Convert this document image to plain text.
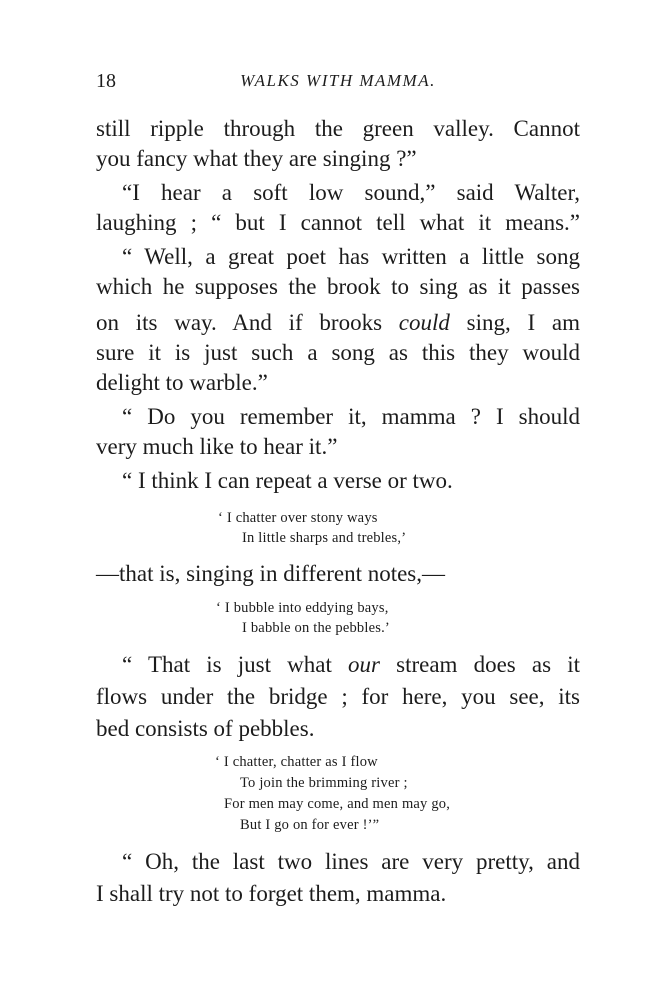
18	WALKS WITH MAMMA.
still ripple through the green valley. Cannot
you fancy what they are singing ?”
“I hear a soft low sound,” said Walter,
laughing ; “ but I cannot tell what it means.”
“ Well, a great poet has written a little song
which he supposes the brook to sing as it passes
on its way. And if brooks could sing, I am
sure it is just such a song as this they would
delight to warble.”
“ Do you remember it, mamma ? I should
very much like to hear it.”
“ I think I can repeat a verse or two.
‘ I chatter over stony ways
In little sharps and trebles,’
—that is, singing in different notes,—
‘ I bubble into eddying bays,
I babble on the pebbles.’
“ That is just what our stream does as it
flows under the bridge ; for here, you see, its
bed consists of pebbles.
‘ I chatter, chatter as I flow
To join the brimming river ;
For men may come, and men may go,
But I go on for ever !’”
“ Oh, the last two lines are very pretty, and
I shall try not to forget them, mamma.
